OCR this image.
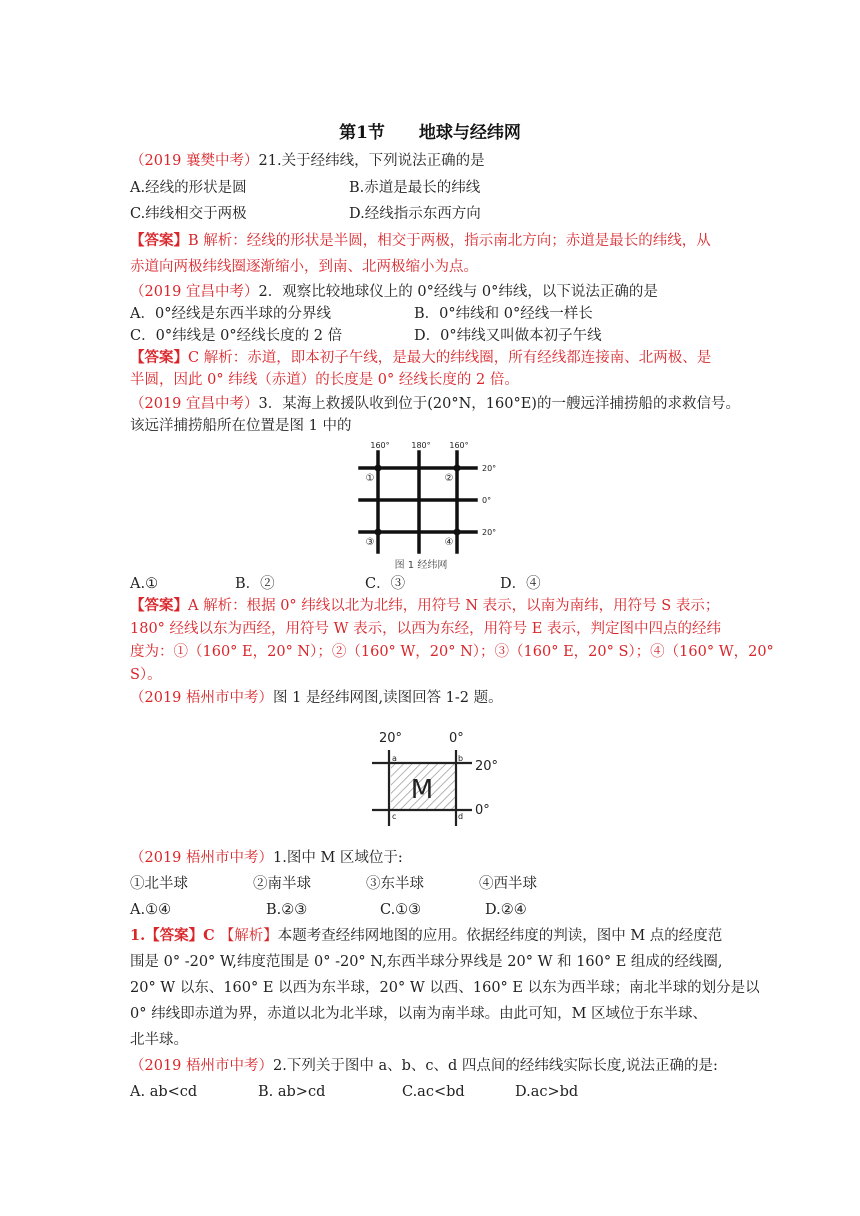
第1节 地球与经纬网
（2019 襄樊中考）21.关于经纬线，下列说法正确的是
A.经线的形状是圆	B.赤道是最长的纬线
C.纬线相交于两极	D.经线指示东西方向
【答案】B 解析：经线的形状是半圆，相交于两极，指示南北方向；赤道是最长的纬线，从
赤道向两极纬线圈逐渐缩小，到南、北两极缩小为点。
（2019 宜昌中考）2．观察比较地球仪上的 0°经线与 0°纬线，以下说法正确的是
A．0°经线是东西半球的分界线	B．0°纬线和 0°经线一样长
C．0°纬线是 0°经线长度的 2 倍	D．0°纬线又叫做本初子午线
【答案】C 解析：赤道，即本初子午线，是最大的纬线圈，所有经线都连接南、北两极、是
半圆，因此 0° 纬线（赤道）的长度是 0° 经线长度的 2 倍。
（2019 宜昌中考）3．某海上救援队收到位于(20°N，160°E)的一艘远洋捕捞船的求救信号。
该远洋捕捞船所在位置是图 1 中的
160°	180° 160°
20°
0°
20°
①	②
③	④
图 1 经纬网
A.①	B．②	C．③	D．④
【答案】A 解析：根据 0° 纬线以北为北纬，用符号 N 表示，以南为南纬，用符号 S 表示；
180° 经线以东为西经，用符号 W 表示，以西为东经，用符号 E 表示，判定图中四点的经纬
度为：①（160° E，20° N）；②（160° W，20° N）；③（160° E，20° S）；④（160° W，20°
S）。
（2019 梧州市中考）图 1 是经纬网图,读图回答 1-2 题。
20°	0°
20°
0°
a	b
c	d
M
（2019 梧州市中考）1.图中 M 区域位于:
①北半球	②南半球	③东半球	④西半球
A.①④	B.②③	C.①③	D.②④
1.【答案】C 【解析】本题考查经纬网地图的应用。依据经纬度的判读，图中 M 点的经度范
围是 0° -20° W,纬度范围是 0° -20° N,东西半球分界线是 20° W 和 160° E 组成的经线圈,
20° W 以东、160° E 以西为东半球，20° W 以西、160° E 以东为西半球；南北半球的划分是以
0° 纬线即赤道为界，赤道以北为北半球，以南为南半球。由此可知，M 区域位于东半球、
北半球。
（2019 梧州市中考）2.下列关于图中 a、b、c、d 四点间的经纬线实际长度,说法正确的是:
A. ab<cd	B. ab>cd	C.ac<bd	D.ac>bd
